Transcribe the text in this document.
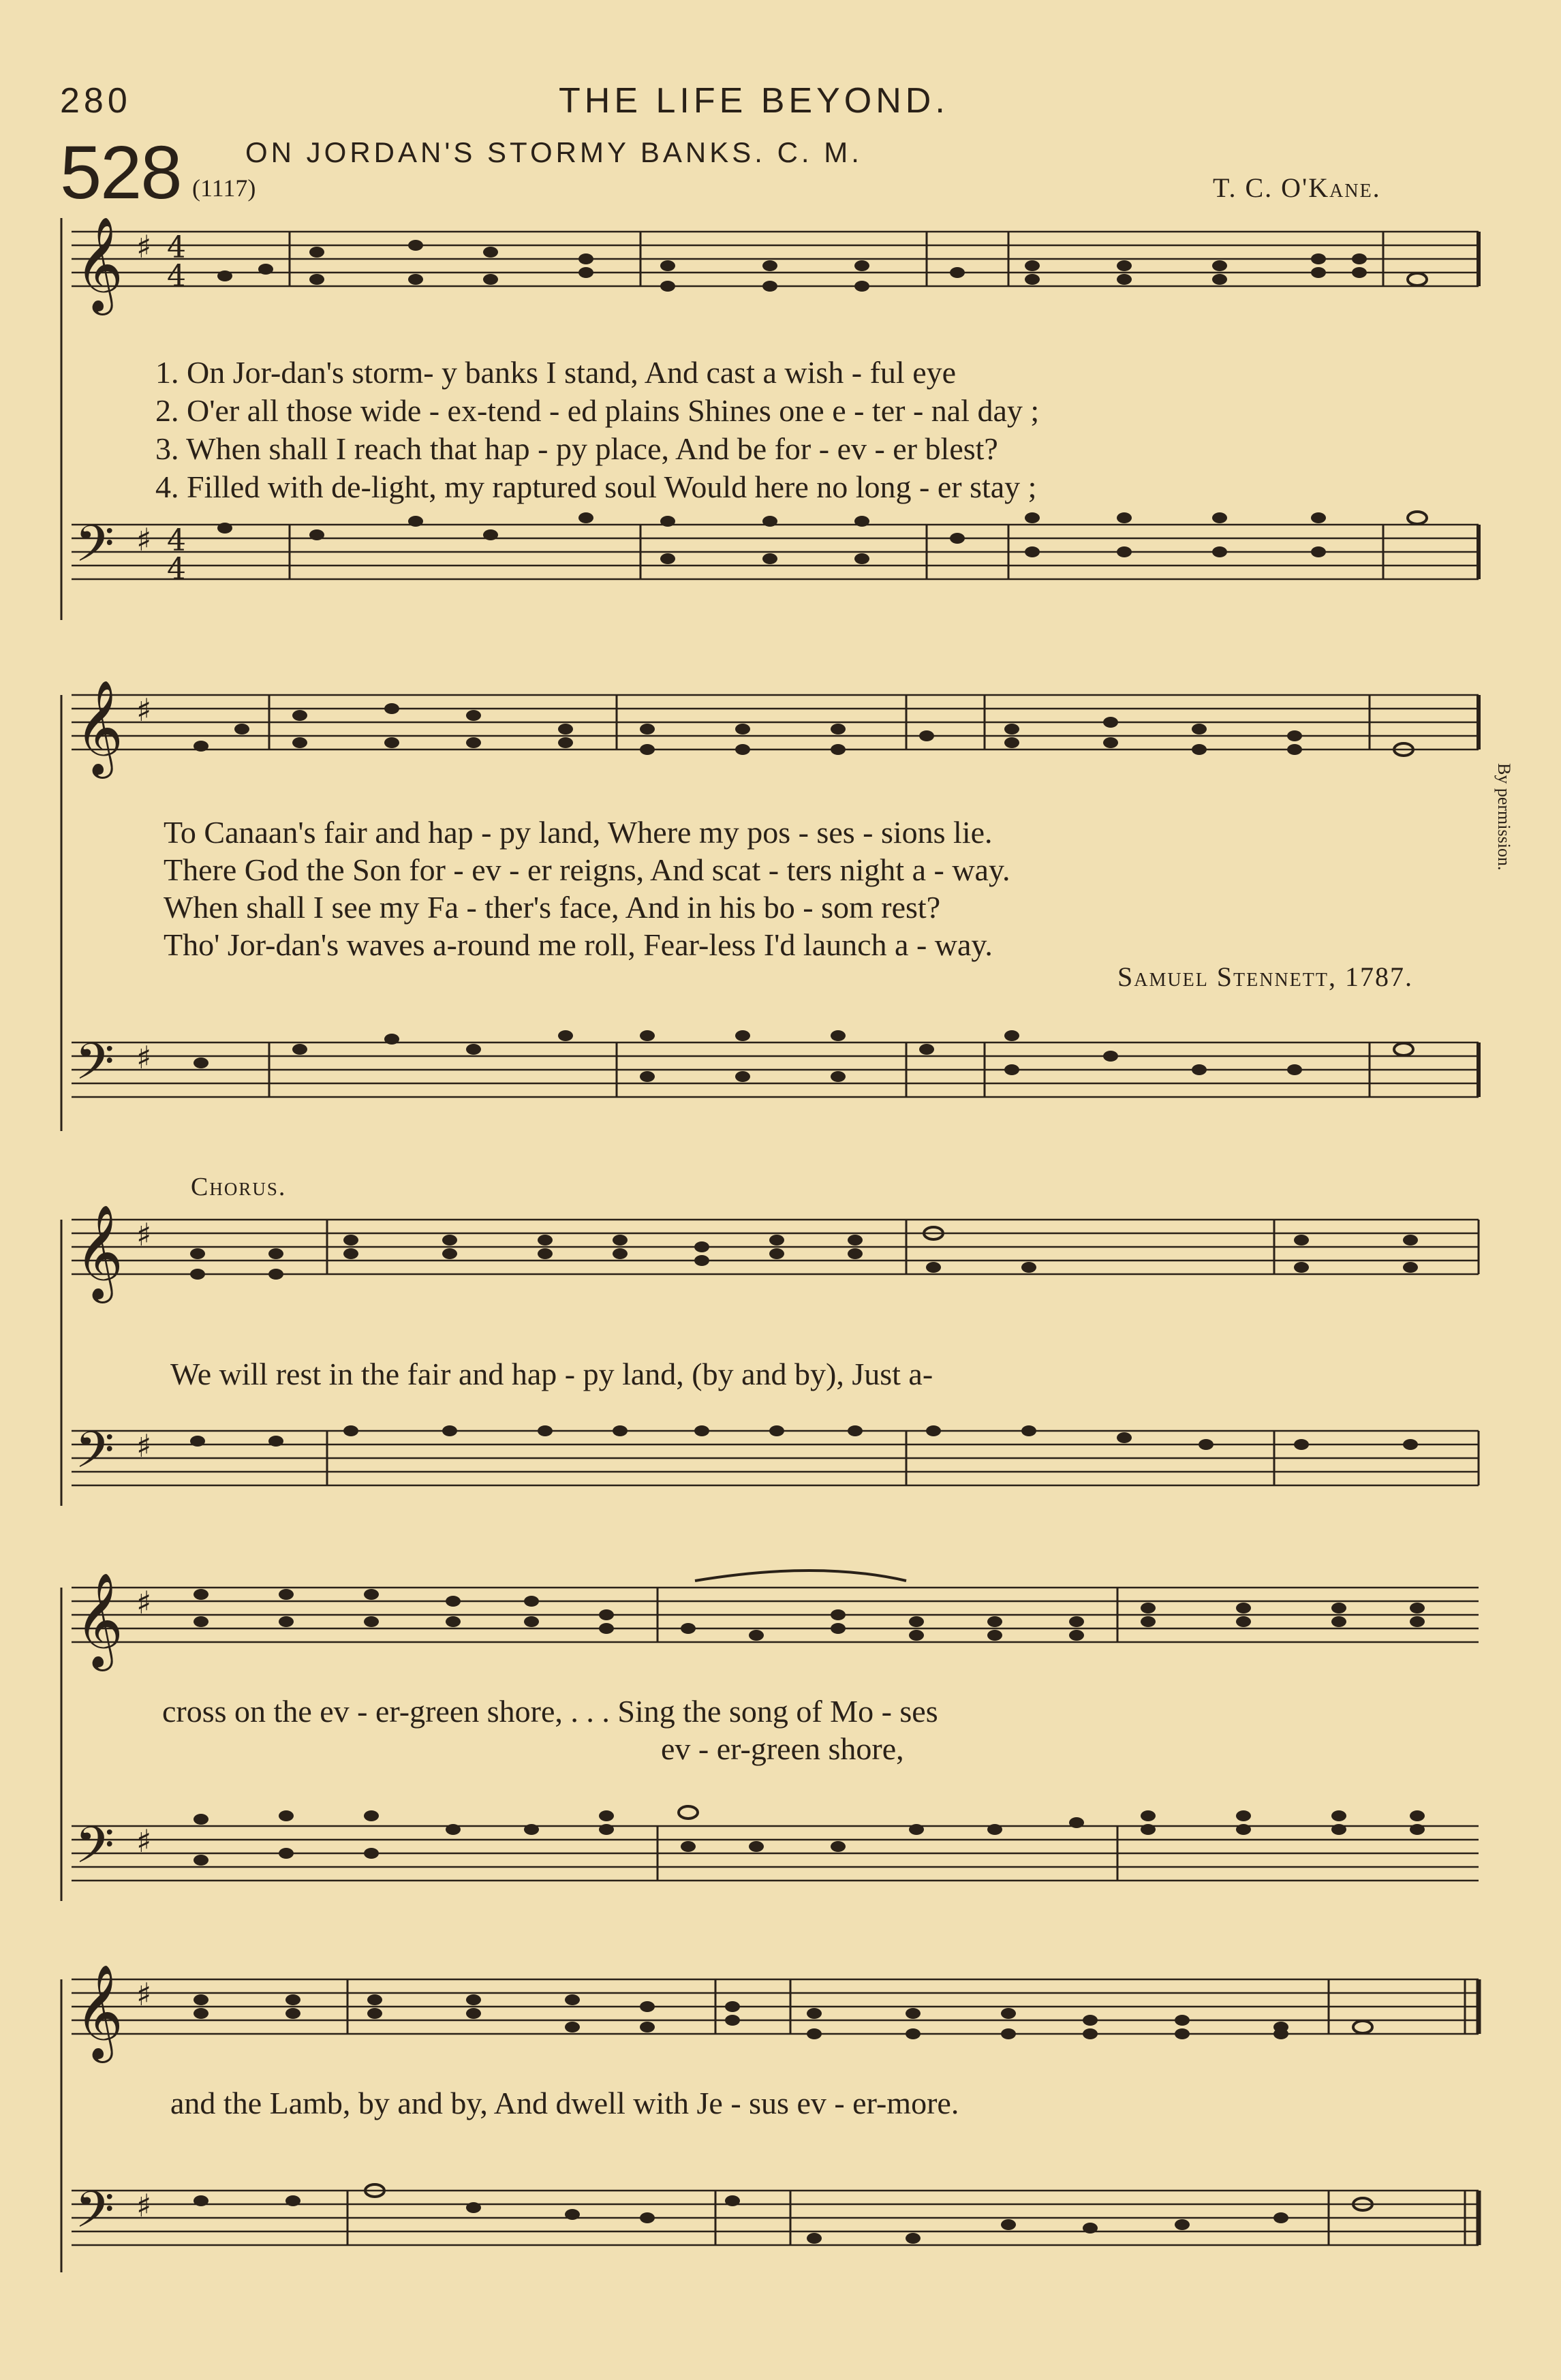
280	THE LIFE BEYOND.
528 (1117)
ON JORDAN'S STORMY BANKS. C. M.
T. C. O'Kane.
By permission.
𝄞 ♯ 4
4
𝄢 ♯ 4
4
1. On Jor-dan's storm- y banks I stand, And cast a wish - ful eye
2. O'er all those wide - ex-tend - ed plains Shines one e - ter - nal day ;
3. When shall I reach that hap - py place, And be for - ev - er blest?
4. Filled with de-light, my raptured soul Would here no long - er stay ;
𝄞 ♯
𝄢 ♯
To Canaan's fair and hap - py land, Where my pos - ses - sions lie.
There God the Son for - ev - er reigns, And scat - ters night a - way.
When shall I see my Fa - ther's face, And in his bo - som rest?
Tho' Jor-dan's waves a-round me roll, Fear-less I'd launch a - way.
Samuel Stennett, 1787.
Chorus.
𝄞 ♯
𝄢 ♯
We will rest in the fair and hap - py land, (by and by), Just a-
𝄞 ♯
𝄢 ♯
cross on the ev - er-green shore, . . . Sing the song of Mo - ses
ev - er-green shore,
𝄞 ♯
𝄢 ♯
and the Lamb, by and by, And dwell with Je - sus ev - er-more.
